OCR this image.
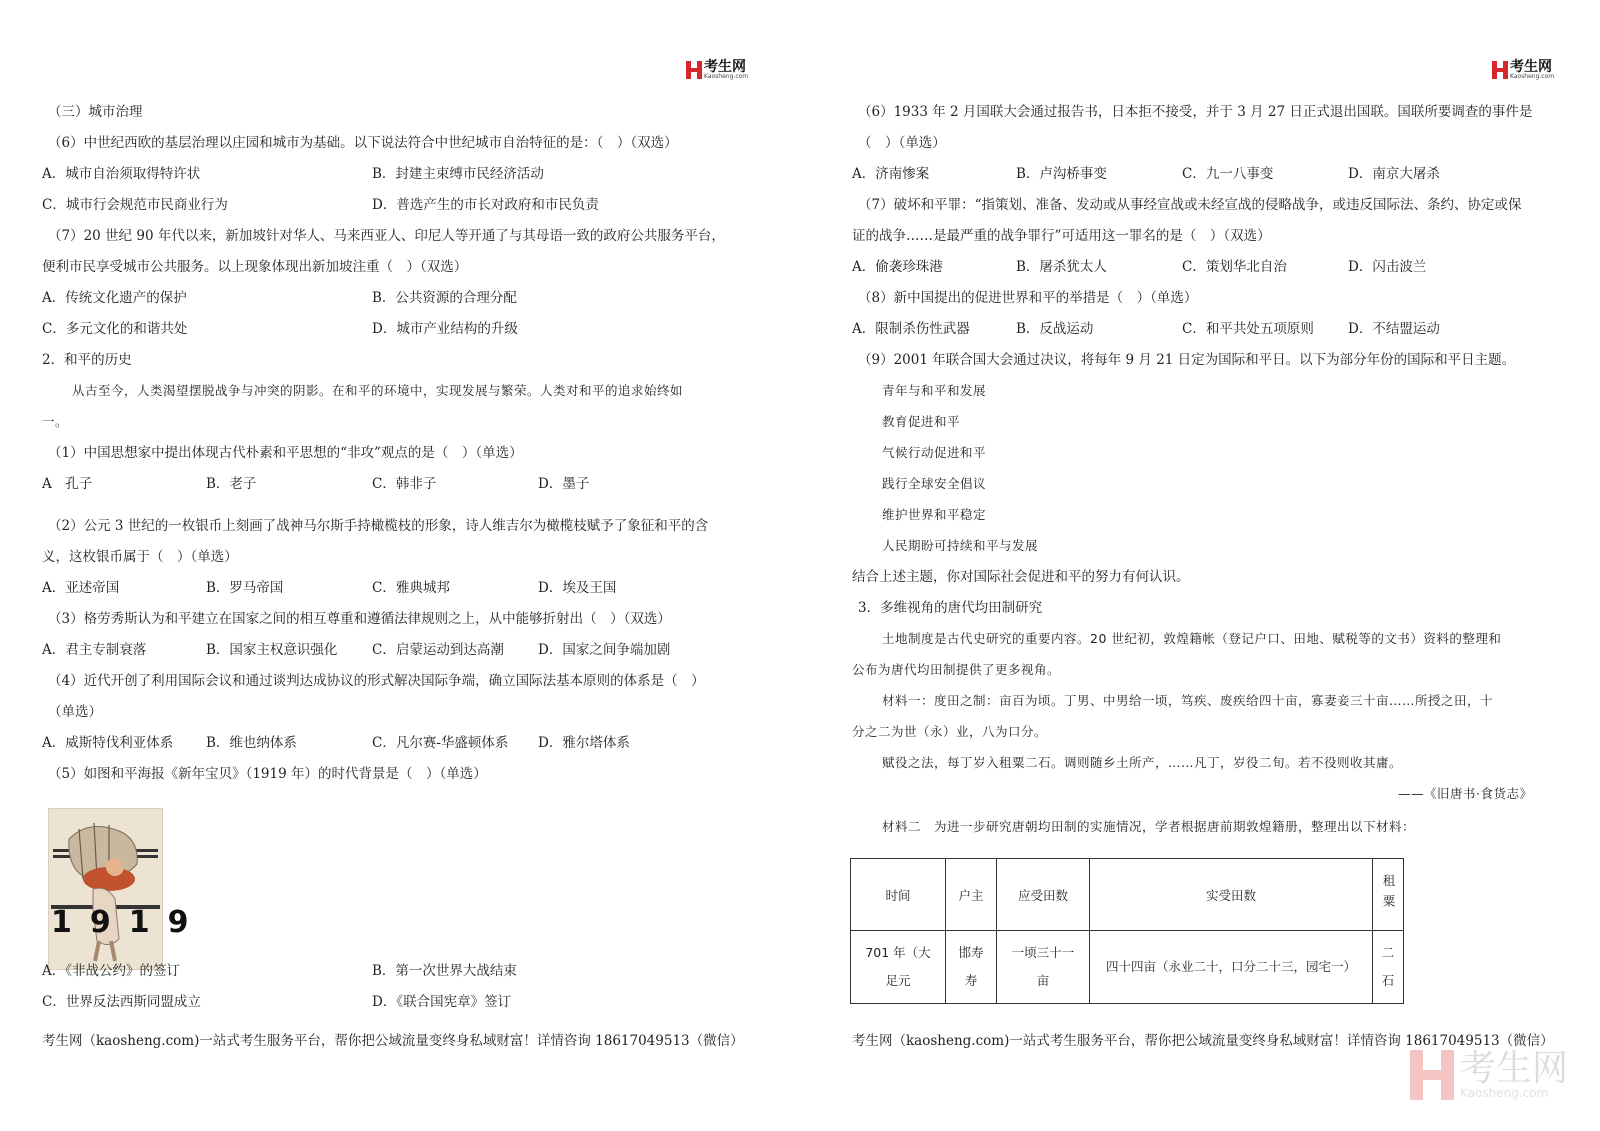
考生网
Kaosheng.com
（三）城市治理
（6）中世纪西欧的基层治理以庄园和城市为基础。以下说法符合中世纪城市自治特征的是：（　）（双选）
A．城市自治须取得特许状	B．封建主束缚市民经济活动
C．城市行会规范市民商业行为	D．普选产生的市长对政府和市民负责
（7）20 世纪 90 年代以来，新加坡针对华人、马来西亚人、印尼人等开通了与其母语一致的政府公共服务平台，
便利市民享受城市公共服务。以上现象体现出新加坡注重（　）（双选）
A．传统文化遗产的保护	B．公共资源的合理分配
C．多元文化的和谐共处	D．城市产业结构的升级
2．和平的历史
从古至今，人类渴望摆脱战争与冲突的阴影。在和平的环境中，实现发展与繁荣。人类对和平的追求始终如
一。
（1）中国思想家中提出体现古代朴素和平思想的“非攻”观点的是（　）（单选）
A　孔子	B．老子	C．韩非子	D．墨子
（2）公元 3 世纪的一枚银币上刻画了战神马尔斯手持橄榄枝的形象，诗人维吉尔为橄榄枝赋予了象征和平的含
义，这枚银币属于（　）（单选）
A．亚述帝国	B．罗马帝国	C．雅典城邦	D．埃及王国
（3）格劳秀斯认为和平建立在国家之间的相互尊重和遵循法律规则之上，从中能够折射出（　）（双选）
A．君主专制衰落	B．国家主权意识强化	C．启蒙运动到达高潮	D．国家之间争端加剧
（4）近代开创了利用国际会议和通过谈判达成协议的形式解决国际争端，确立国际法基本原则的体系是（　）
（单选）
A．威斯特伐利亚体系 B．维也纳体系	C．凡尔赛-华盛顿体系 D．雅尔塔体系
（5）如图和平海报《新年宝贝》（1919 年）的时代背景是（　）（单选）
1919
A．《非战公约》的签订	B．第一次世界大战结束
C．世界反法西斯同盟成立	D．《联合国宪章》签订
考生网（kaosheng.com)一站式考生服务平台，帮你把公域流量变终身私域财富！详情咨询 18617049513（微信）
考生网
Kaosheng.com
（6）1933 年 2 月国联大会通过报告书，日本拒不接受，并于 3 月 27 日正式退出国联。国联所要调查的事件是
（　）（单选）
A．济南惨案	B．卢沟桥事变	C．九一八事变	D．南京大屠杀
（7）破坏和平罪：“指策划、准备、发动或从事经宣战或未经宣战的侵略战争，或违反国际法、条约、协定或保
证的战争……是最严重的战争罪行”可适用这一罪名的是（　）（双选）
A．偷袭珍珠港	B．屠杀犹太人	C．策划华北自治	D．闪击波兰
（8）新中国提出的促进世界和平的举措是（　）（单选）
A．限制杀伤性武器	B．反战运动	C．和平共处五项原则	D．不结盟运动
（9）2001 年联合国大会通过决议，将每年 9 月 21 日定为国际和平日。以下为部分年份的国际和平日主题。
青年与和平和发展
教育促进和平
气候行动促进和平
践行全球安全倡议
维护世界和平稳定
人民期盼可持续和平与发展
结合上述主题，你对国际社会促进和平的努力有何认识。
3．多维视角的唐代均田制研究
土地制度是古代史研究的重要内容。20 世纪初，敦煌籍帐（登记户口、田地、赋税等的文书）资料的整理和
公布为唐代均田制提供了更多视角。
材料一：度田之制：亩百为顷。丁男、中男给一顷，笃疾、废疾给四十亩，寡妻妾三十亩……所授之田，十
分之二为世（永）业，八为口分。
赋役之法，每丁岁入租粟二石。调则随乡土所产，……凡丁，岁役二旬。若不役则收其庸。
——《旧唐书·食货志》
材料二　为进一步研究唐朝均田制的实施情况，学者根据唐前期敦煌籍册，整理出以下材料：
时间	户主	应受田数	实受田数	租粟

701 年（大足元	邯寿寿	一顷三十一亩	四十四亩（永业二十，口分二十三，园宅一）	二石
考生网（kaosheng.com)一站式考生服务平台，帮你把公域流量变终身私域财富！详情咨询 18617049513（微信）
考生网
Kaosheng.com
